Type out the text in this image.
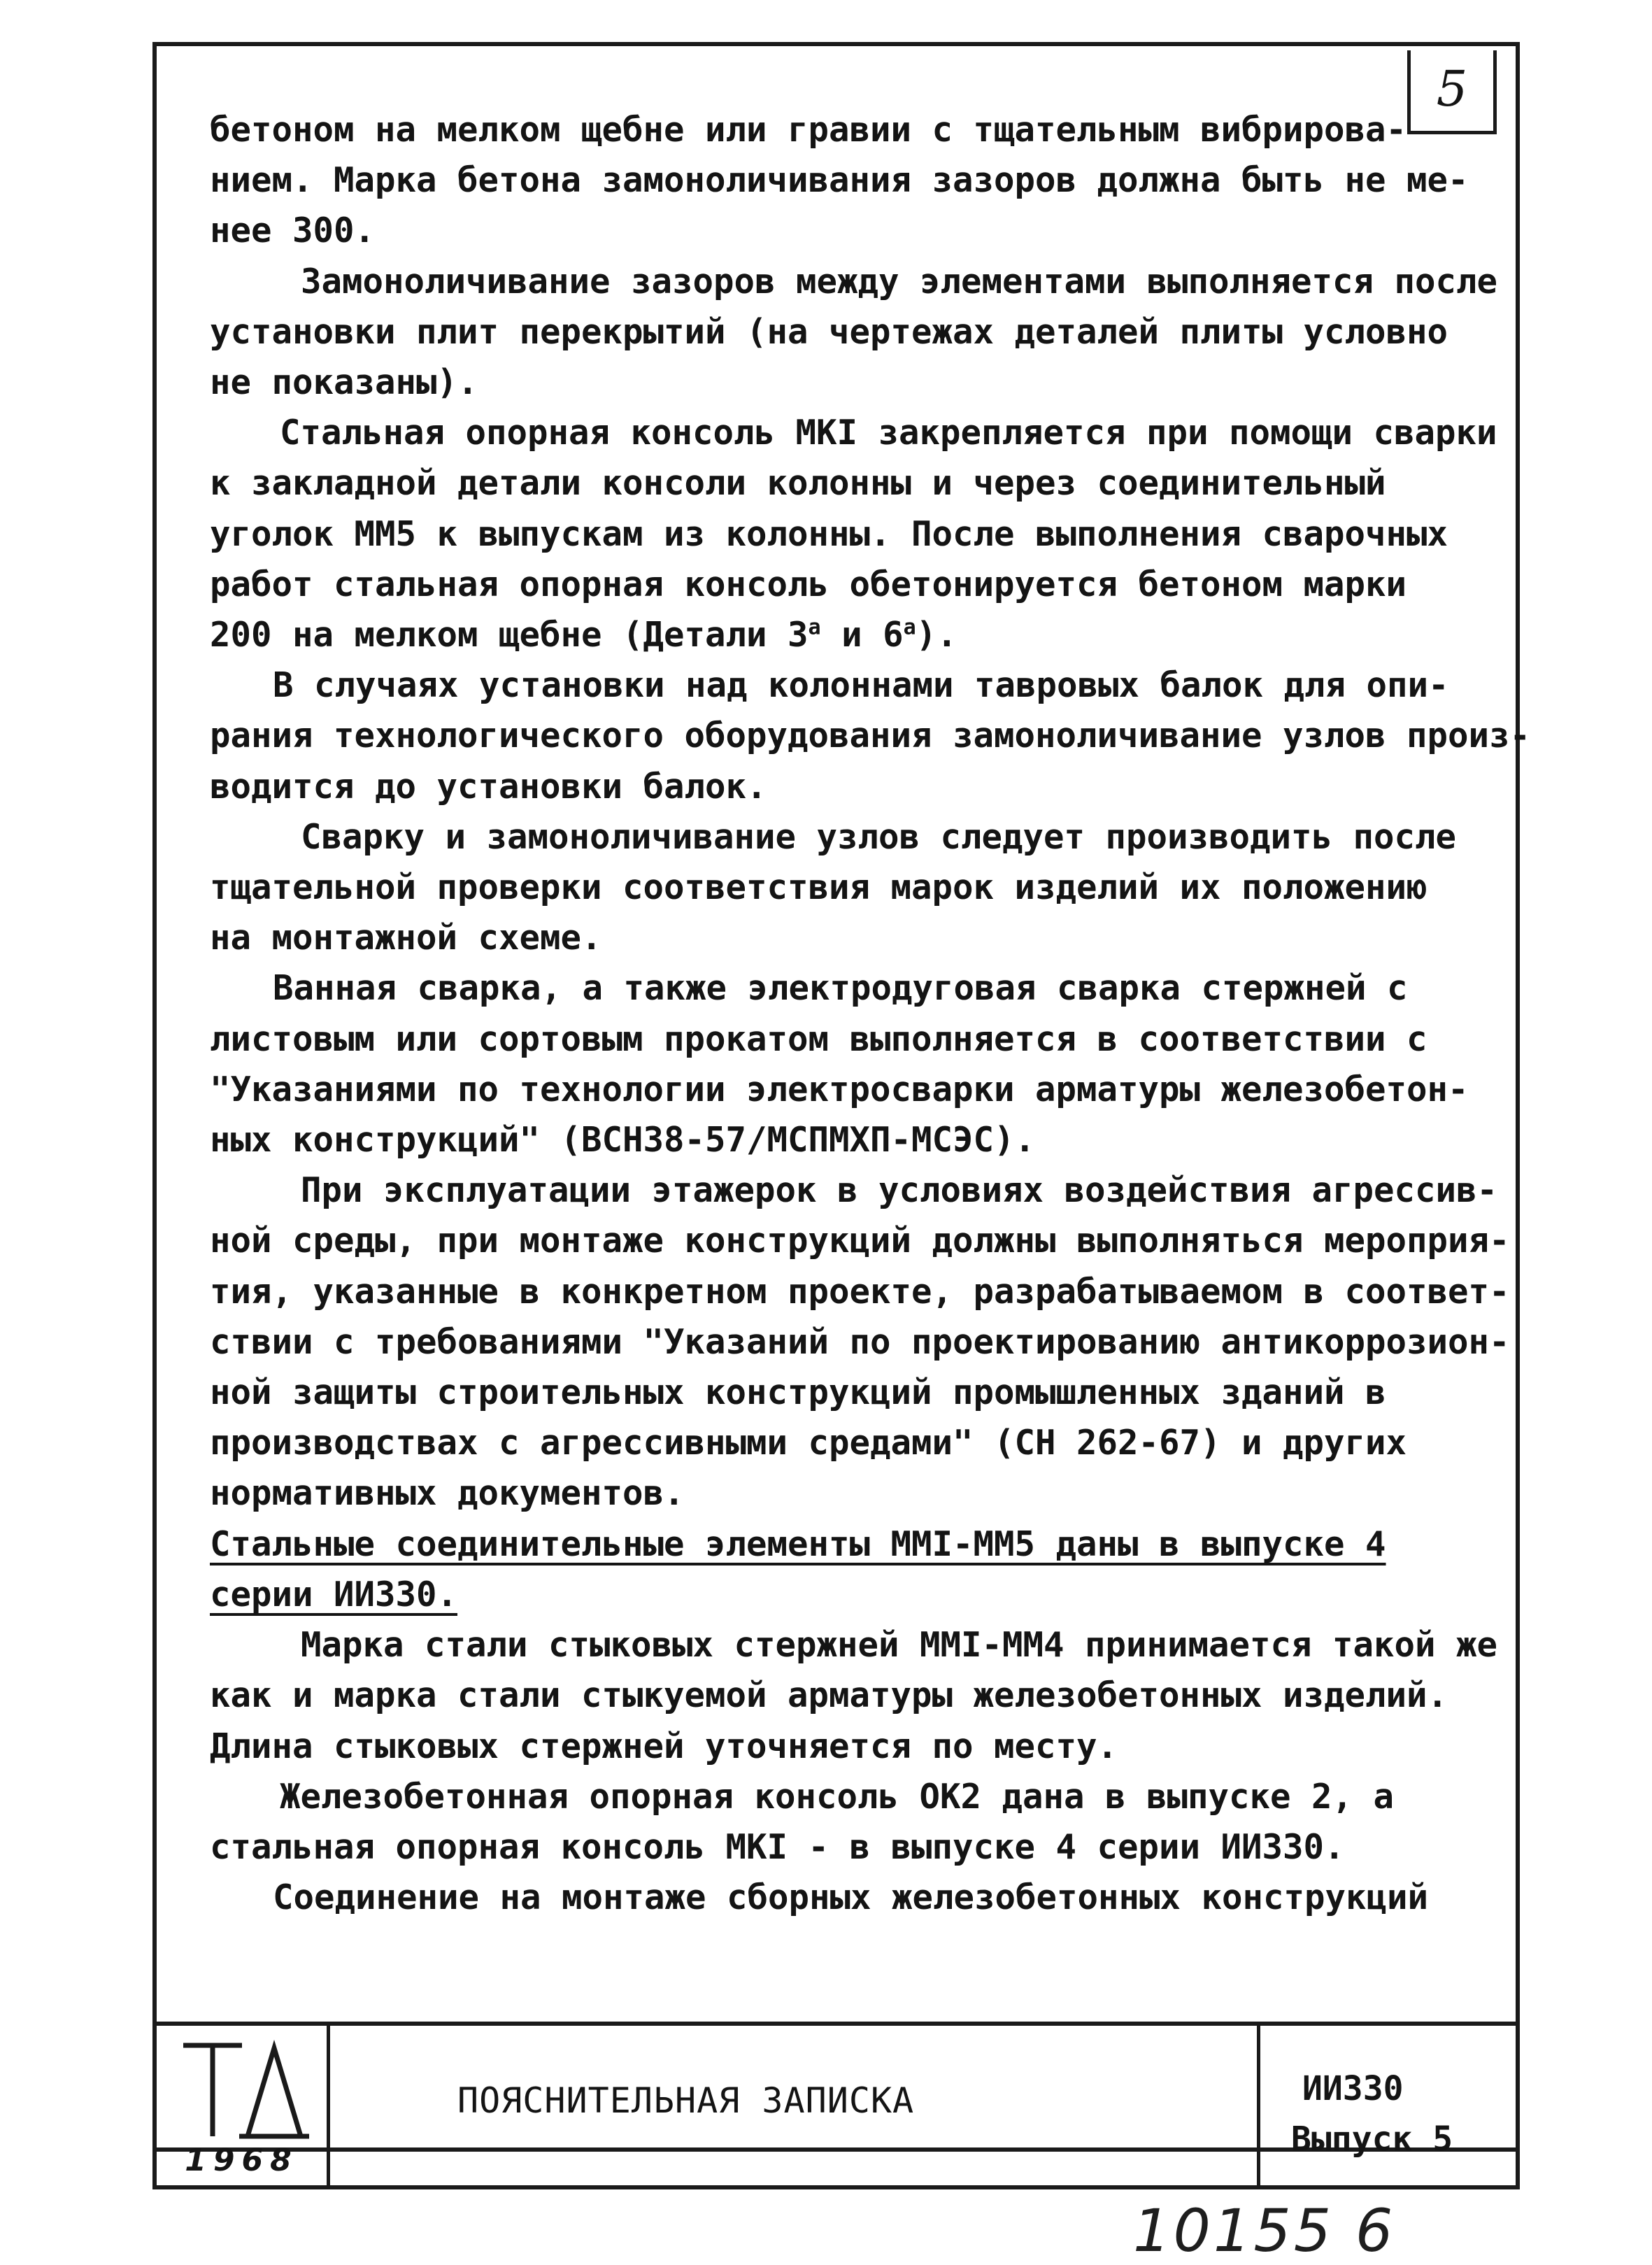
5
бетоном на мелком щебне или гравии с тщательным вибрирова-
нием. Марка бетона замоноличивания зазоров должна быть не ме-
нее 300.
Замоноличивание зазоров между элементами выполняется после
установки плит перекрытий (на чертежах деталей плиты условно
не показаны).
Стальная опорная консоль МКI закрепляется при помощи сварки
к закладной детали консоли колонны и через соединительный
уголок ММ5 к выпускам из колонны. После выполнения сварочных
работ стальная опорная консоль обетонируется бетоном марки
200 на мелком щебне (Детали $3^а$ и $6^а$).
В случаях установки над колоннами тавровых балок для опи-
рания технологического оборудования замоноличивание узлов произ-
водится до установки балок.
Сварку и замоноличивание узлов следует производить после
тщательной проверки соответствия марок изделий их положению
на монтажной схеме.
Ванная сварка, а также электродуговая сварка стержней с
листовым или сортовым прокатом выполняется в соответствии с
"Указаниями по технологии электросварки арматуры железобетон-
ных конструкций" (ВСН38-57/МСПМХП-МСЭС).
При эксплуатации этажерок в условиях воздействия агрессив-
ной среды, при монтаже конструкций должны выполняться мероприя-
тия, указанные в конкретном проекте, разрабатываемом в соответ-
ствии с требованиями "Указаний по проектированию антикоррозион-
ной защиты строительных конструкций промышленных зданий в
производствах с агрессивными средами" (СН 262-67) и других
нормативных документов.
Стальные соединительные элементы ММI-ММ5 даны в выпуске 4
серии ИИ330.
Марка стали стыковых стержней ММI-ММ4 принимается такой же
как и марка стали стыкуемой арматуры железобетонных изделий.
Длина стыковых стержней уточняется по месту.
Железобетонная опорная консоль ОК2 дана в выпуске 2, а
стальная опорная консоль МКI - в выпуске 4 серии ИИ330.
Соединение на монтаже сборных железобетонных конструкций
1968
ПОЯСНИТЕЛЬНАЯ ЗАПИСКА	ИИ330
Выпуск 5
10155 6
